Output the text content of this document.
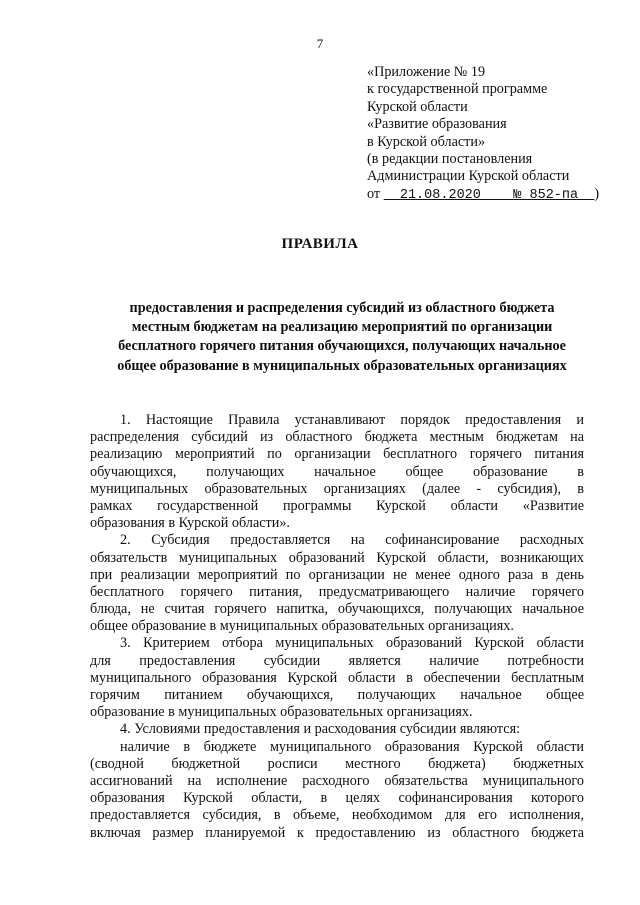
7
«Приложение № 19
к государственной программе
Курской области
«Развитие образования
в Курской области»
(в редакции постановления
Администрации Курской области
от 21.08.2020 № 852-па )
ПРАВИЛА
предоставления и распределения субсидий из областного бюджета
местным бюджетам на реализацию мероприятий по организации
бесплатного горячего питания обучающихся, получающих начальное
общее образование в муниципальных образовательных организациях
1. Настоящие Правила устанавливают порядок предоставления и
распределения субсидий из областного бюджета местным бюджетам на
реализацию мероприятий по организации бесплатного горячего питания
обучающихся, получающих начальное общее образование в
муниципальных образовательных организациях (далее - субсидия), в
рамках государственной программы Курской области «Развитие
образования в Курской области».
2. Субсидия предоставляется на софинансирование расходных
обязательств муниципальных образований Курской области, возникающих
при реализации мероприятий по организации не менее одного раза в день
бесплатного горячего питания, предусматривающего наличие горячего
блюда, не считая горячего напитка, обучающихся, получающих начальное
общее образование в муниципальных образовательных организациях.
3. Критерием отбора муниципальных образований Курской области
для предоставления субсидии является наличие потребности
муниципального образования Курской области в обеспечении бесплатным
горячим питанием обучающихся, получающих начальное общее
образование в муниципальных образовательных организациях.
4. Условиями предоставления и расходования субсидии являются:
наличие в бюджете муниципального образования Курской области
(сводной бюджетной росписи местного бюджета) бюджетных
ассигнований на исполнение расходного обязательства муниципального
образования Курской области, в целях софинансирования которого
предоставляется субсидия, в объеме, необходимом для его исполнения,
включая размер планируемой к предоставлению из областного бюджета
